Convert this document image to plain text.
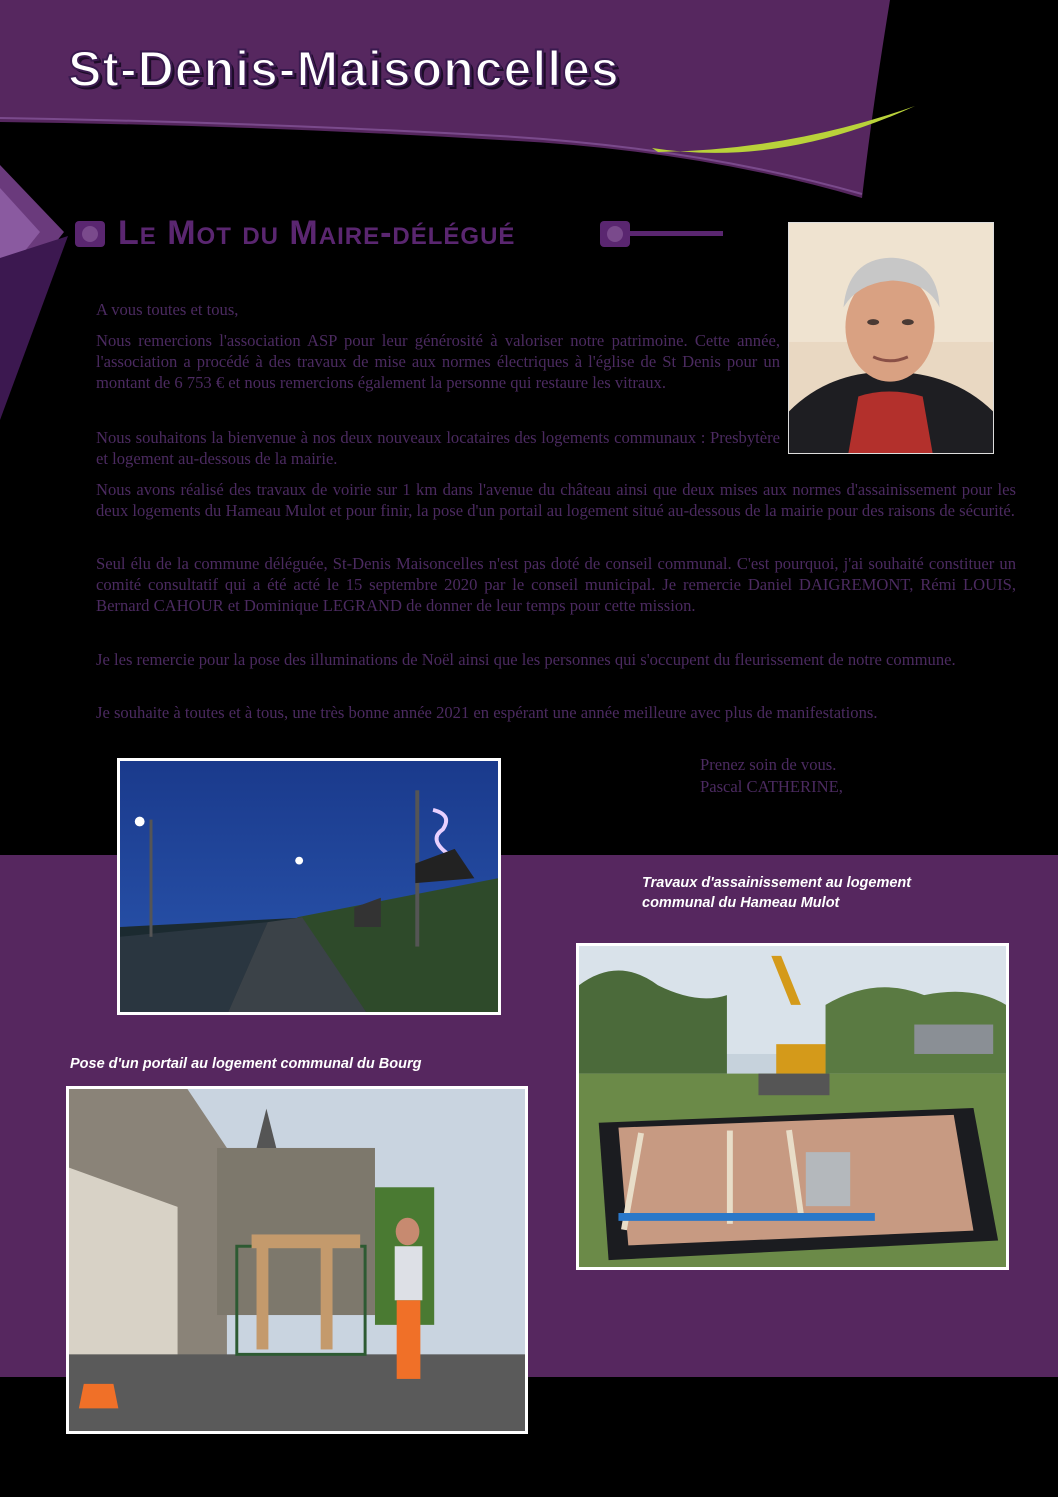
St-Denis-Maisoncelles
Le Mot du Maire-délégué

A vous toutes et tous,

Nous remercions l'association ASP pour leur générosité à valoriser notre patrimoine. Cette année, l'association a procédé à des travaux de mise aux normes électriques à l'église de St Denis pour un montant de 6 753 € et nous remercions également la personne qui restaure les vitraux.

Nous souhaitons la bienvenue à nos deux nouveaux locataires des logements communaux : Presbytère et logement au-dessous de la mairie.

Nous avons réalisé des travaux de voirie sur 1 km dans l'avenue du château ainsi que deux mises aux normes d'assainissement pour les deux logements du Hameau Mulot et pour finir, la pose d'un portail au logement situé au-dessous de la mairie pour des raisons de sécurité.

Seul élu de la commune déléguée, St-Denis Maisoncelles n'est pas doté de conseil communal. C'est pourquoi, j'ai souhaité constituer un comité consultatif qui a été acté le 15 septembre 2020 par le conseil municipal. Je remercie Daniel DAIGREMONT, Rémi LOUIS, Bernard CAHOUR et Dominique LEGRAND de donner de leur temps pour cette mission.

Je les remercie pour la pose des illuminations de Noël ainsi que les personnes qui s'occupent du fleurissement de notre commune.

Je souhaite à toutes et à tous, une très bonne année 2021 en espérant une année meilleure avec plus de manifestations.

Prenez soin de vous.

Pascal CATHERINE,

Travaux d'assainissement au logement communal du Hameau Mulot

Pose d'un portail au logement communal du Bourg
